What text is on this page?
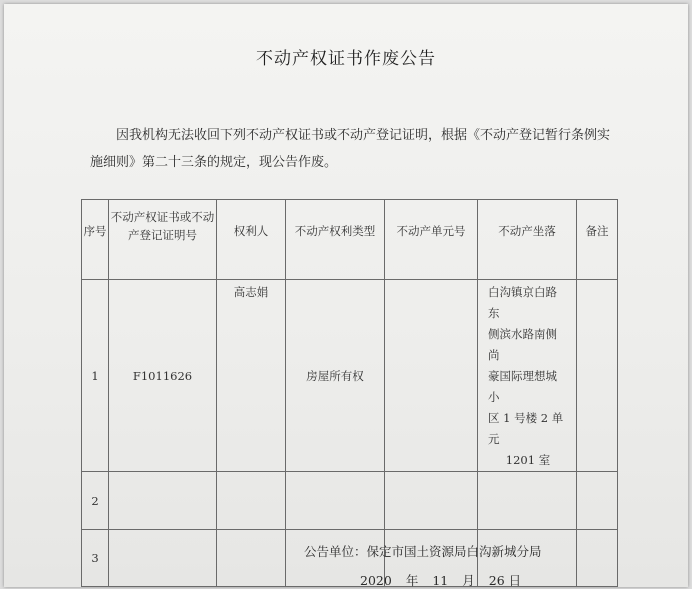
不动产权证书作废公告
因我机构无法收回下列不动产权证书或不动产登记证明，根据《不动产登记暂行条例实
施细则》第二十三条的规定，现公告作废。
序号	不动产权证书或不动
产登记证明号	权利人	不动产权利类型	不动产单元号	不动产坐落	备注
1	F1011626	高志娟	房屋所有权		白沟镇京白路东
侧滨水路南侧尚
豪国际理想城小
区 1 号楼 2 单元
1201 室	

2						
3							公告单位：保定市国土资源局白沟新城分局
2020 年 11 月 26 日
